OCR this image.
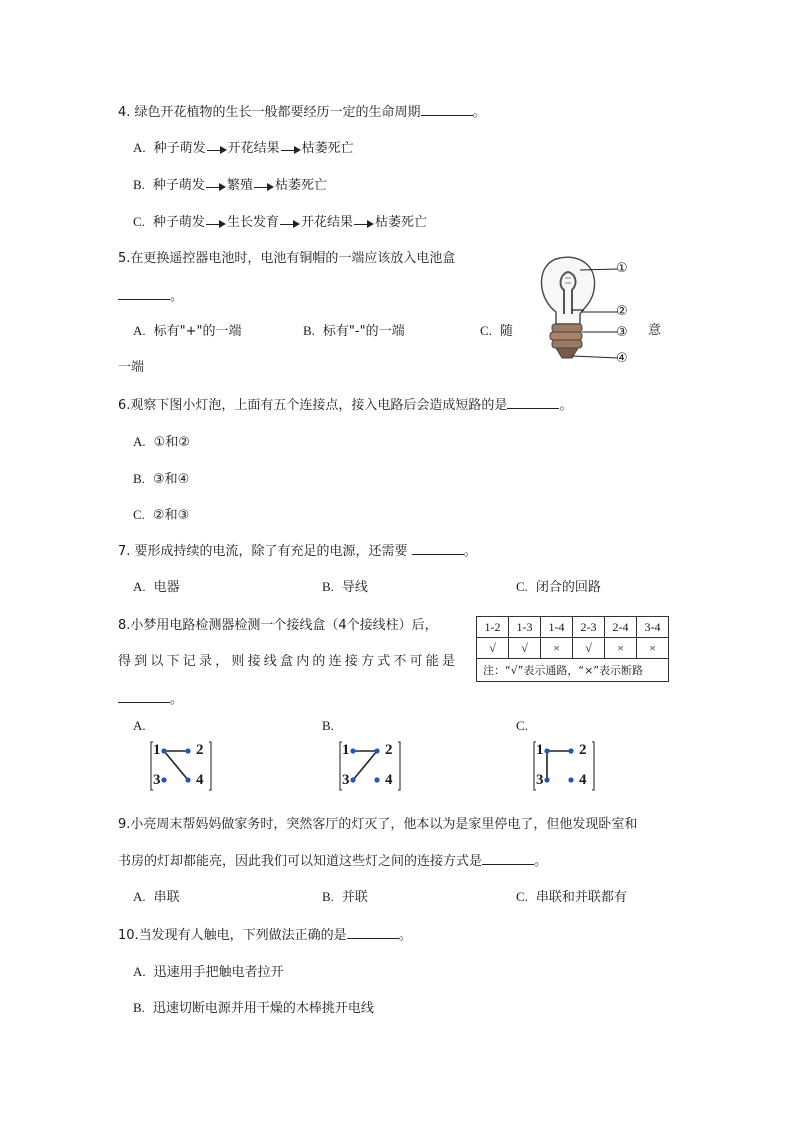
4. 绿色开花植物的生长一般都要经历一定的生命周期	。
A. 种子萌发 开花结果 枯萎死亡
B. 种子萌发 繁殖 枯萎死亡
C. 种子萌发 生长发育 开花结果 枯萎死亡
5.在更换遥控器电池时，电池有铜帽的一端应该放入电池盒
。
A. 标有"+"的一端	B. 标有"-"的一端	C. 随	意
一端
①
②
③
④
6.观察下图小灯泡，上面有五个连接点，接入电路后会造成短路的是	。
A. ①和②
B. ③和④
C. ②和③
7. 要形成持续的电流，除了有充足的电源，还需要	。
A. 电器	B. 导线	C. 闭合的回路
8.小梦用电路检测器检测一个接线盒（4个接线柱）后，
得到以下记录，则接线盒内的连接方式不可能是
。
1-2	1-3	1-4	2-3	2-4	3-4
√	√	×	√	×	×
注：“√”表示通路，“×”表示断路					
A.	B.	C.
1 2
3 4
1 2
3 4
1 2
3 4
9.小亮周末帮妈妈做家务时，突然客厅的灯灭了，他本以为是家里停电了，但他发现卧室和
书房的灯却都能亮，因此我们可以知道这些灯之间的连接方式是	。
A. 串联	B. 并联	C. 串联和并联都有
10.当发现有人触电，下列做法正确的是	。
A. 迅速用手把触电者拉开
B. 迅速切断电源并用干燥的木棒挑开电线
